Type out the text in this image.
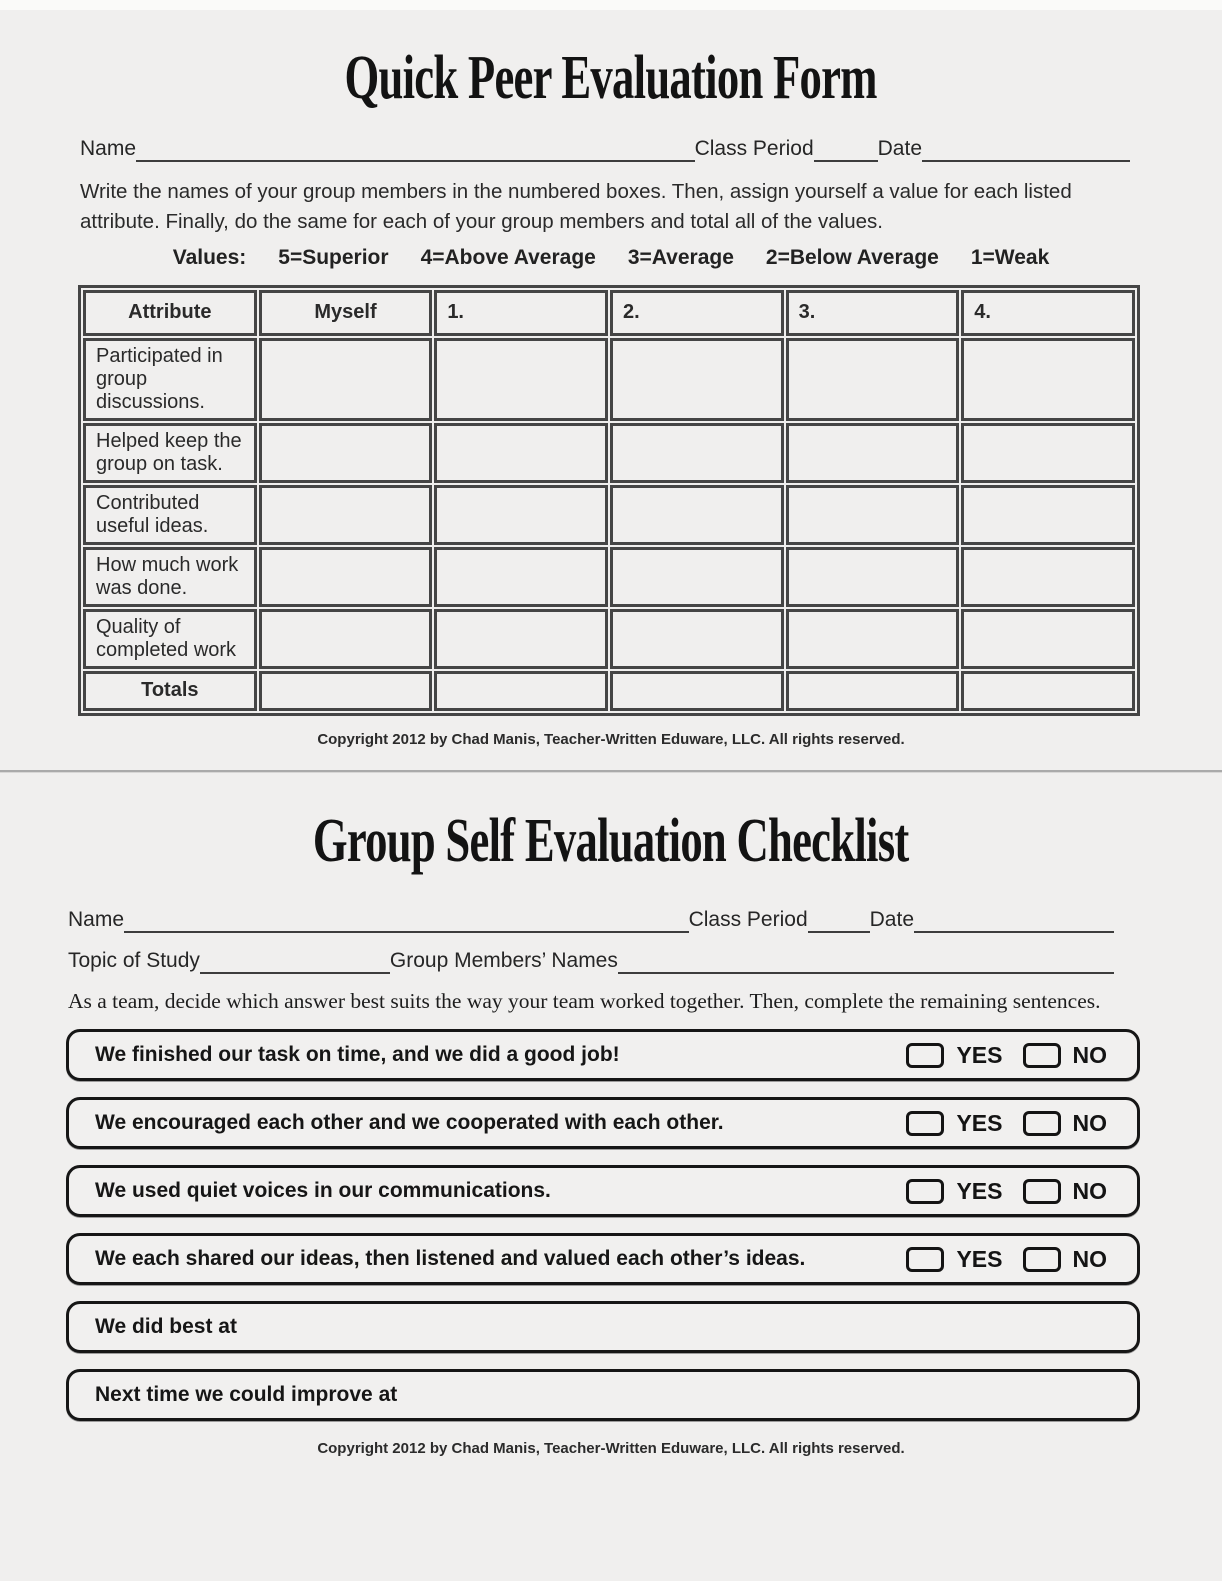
Quick Peer Evaluation Form
Name	Class Period	Date

Write the names of your group members in the numbered boxes. Then, assign yourself a value for each listed attribute. Finally, do the same for each of your group members and total all of the values.

Values: 5=Superior 4=Above Average 3=Average 2=Below Average 1=Weak
Attribute	Myself	1.	2.	3.	4.
Participated in group discussions.					
Helped keep the group on task.					
Contributed useful ideas.					
How much work was done.					
Quality of completed work					
Totals					
Copyright 2012 by Chad Manis, Teacher-Written Eduware, LLC. All rights reserved.
Group Self Evaluation Checklist
Name	Class Period	Date
Topic of Study	Group Members’ Names

As a team, decide which answer best suits the way your team worked together. Then, complete the remaining sentences.

We finished our task on time, and we did a good job!	YES	NO
We encouraged each other and we cooperated with each other.	YES	NO
We used quiet voices in our communications.	YES	NO
We each shared our ideas, then listened and valued each other’s ideas.	YES	NO
We did best at
Next time we could improve at
Copyright 2012 by Chad Manis, Teacher-Written Eduware, LLC. All rights reserved.
